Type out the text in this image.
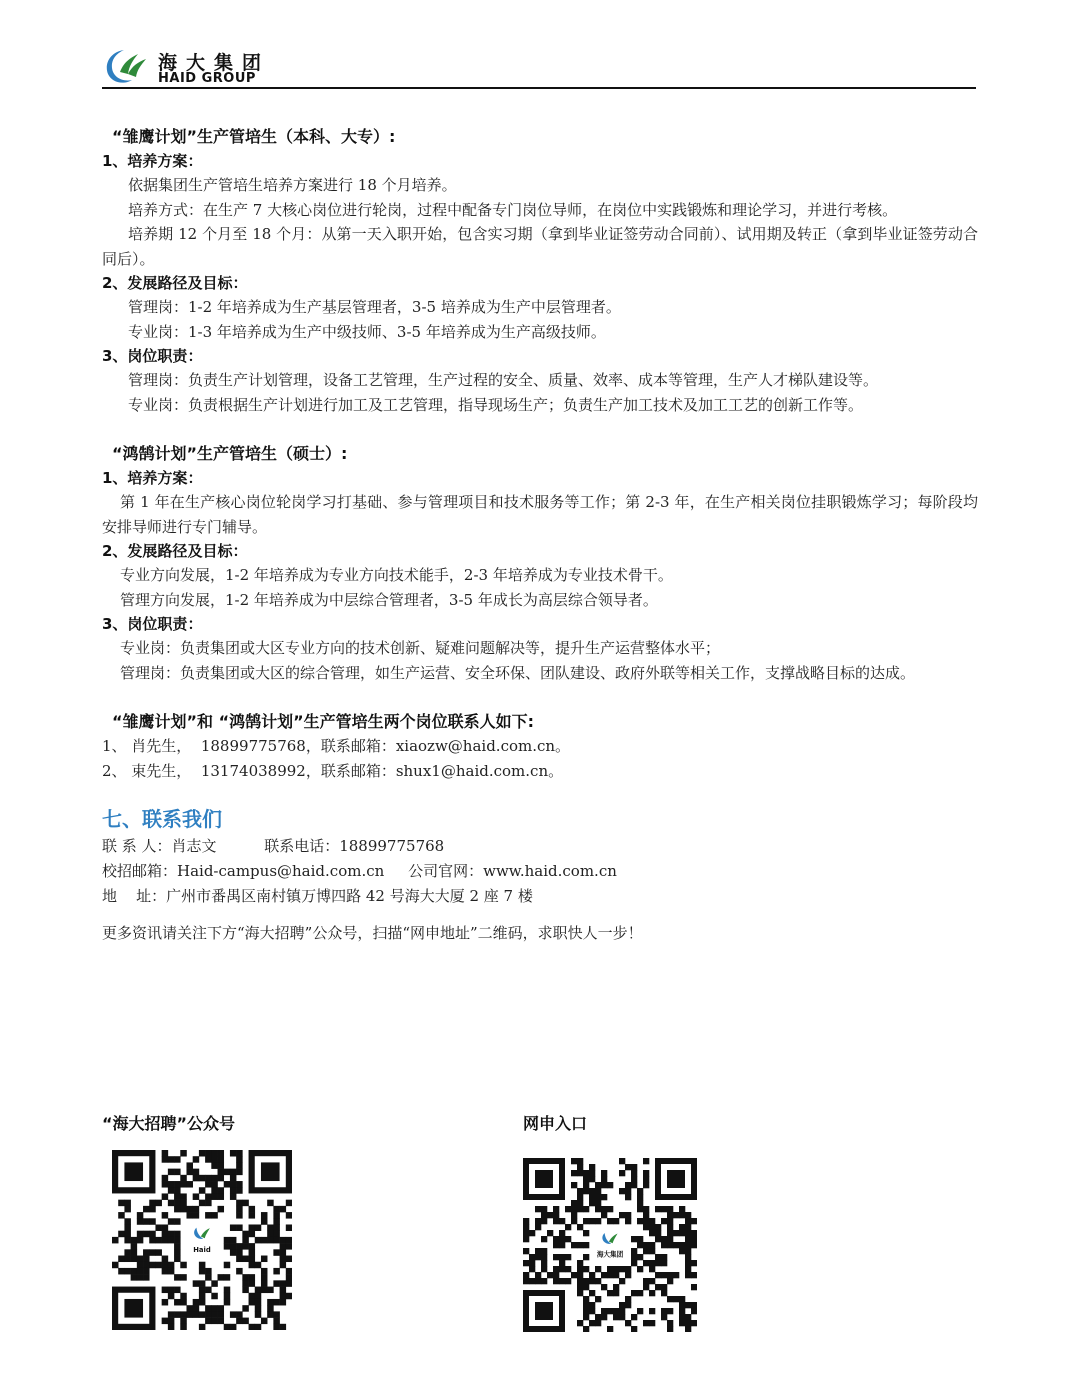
海大集团
HAID GROUP

“雏鹰计划”生产管培生（本科、大专）:

1、培养方案：

依据集团生产管培生培养方案进行 18 个月培养。

培养方式：在生产 7 大核心岗位进行轮岗，过程中配备专门岗位导师，在岗位中实践锻炼和理论学习，并进行考核。

培养期 12 个月至 18 个月：从第一天入职开始，包含实习期（拿到毕业证签劳动合同前）、试用期及转正（拿到毕业证签劳动合同后）。

2、发展路径及目标：

管理岗：1-2 年培养成为生产基层管理者，3-5 培养成为生产中层管理者。

专业岗：1-3 年培养成为生产中级技师、3-5 年培养成为生产高级技师。

3、岗位职责：

管理岗：负责生产计划管理，设备工艺管理，生产过程的安全、质量、效率、成本等管理，生产人才梯队建设等。

专业岗：负责根据生产计划进行加工及工艺管理，指导现场生产；负责生产加工技术及加工工艺的创新工作等。

“鸿鹄计划”生产管培生（硕士）:

1、培养方案：

第 1 年在生产核心岗位轮岗学习打基础、参与管理项目和技术服务等工作；第 2-3 年，在生产相关岗位挂职锻炼学习；每阶段均安排导师进行专门辅导。

2、发展路径及目标：

专业方向发展，1-2 年培养成为专业方向技术能手，2-3 年培养成为专业技术骨干。

管理方向发展，1-2 年培养成为中层综合管理者，3-5 年成长为高层综合领导者。

3、岗位职责：

专业岗：负责集团或大区专业方向的技术创新、疑难问题解决等，提升生产运营整体水平；

管理岗：负责集团或大区的综合管理，如生产运营、安全环保、团队建设、政府外联等相关工作，支撑战略目标的达成。

“雏鹰计划”和 “鸿鹄计划”生产管培生两个岗位联系人如下:

1、 肖先生，  18899775768，联系邮箱：xiaozw@haid.com.cn。

2、 束先生，  13174038992，联系邮箱：shux1@haid.com.cn。

七、联系我们

联 系 人：肖志文          联系电话：18899775768

校招邮箱：Haid-campus@haid.com.cn     公司官网：www.haid.com.cn

地    址：广州市番禺区南村镇万博四路 42 号海大大厦 2 座 7 楼

更多资讯请关注下方“海大招聘”公众号，扫描“网申地址”二维码，求职快人一步！

“海大招聘”公众号
Haid
网申入口
海大集团
